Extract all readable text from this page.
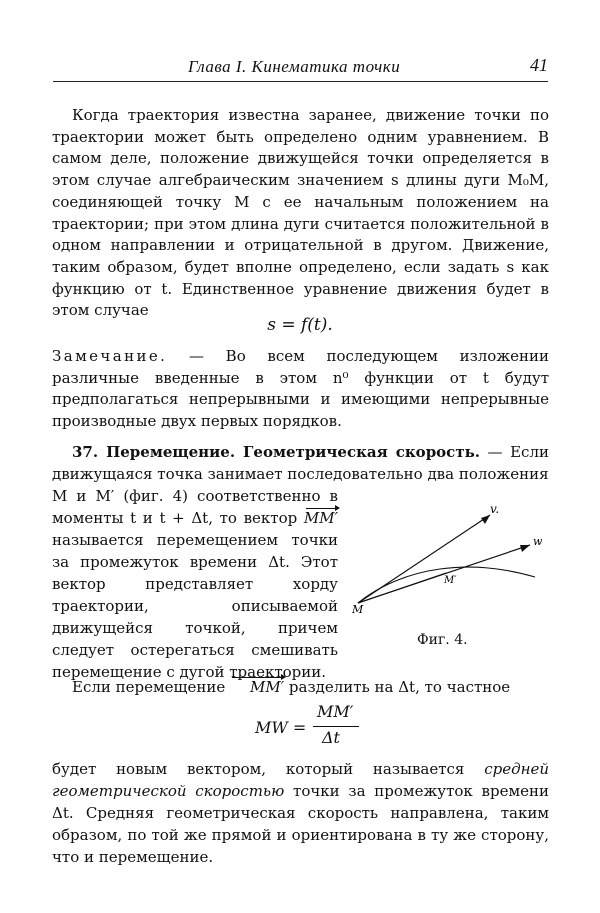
Глава I. Кинематика точки	41
Когда траектория известна заранее, движение точки по траектории может быть определено одним уравнением. В самом деле, положение движущейся точки определяется в этом случае алгебраическим значением s длины дуги M₀M, соединяющей точку M с ее начальным положением на траектории; при этом длина дуги считается положительной в одном направлении и отрицательной в другом. Движение, таким образом, будет вполне определено, если задать s как функцию от t. Единственное уравнение движения будет в этом случае
s = f(t).
Замечание. — Во всем последующем изложении различные введенные в этом n⁰ функции от t будут предполагаться непрерывными и имеющими непрерывные производные двух первых порядков.
37. Перемещение. Геометрическая скорость. — Если движущаяся точка занимает последовательно два положения
M и M′ (фиг. 4) соответственно в моменты t и t + Δt, то вектор MM′ называется перемещением точки за промежуток времени Δt. Этот вектор представляет хорду траектории, описываемой движущейся точкой, причем следует остерегаться смешивать перемещение с дугой траектории.
v.
w
M
M′
Фиг. 4.
Если перемещение MM′ разделить на Δt, то частное
MW =
MM′
Δt
будет новым вектором, который называется средней геометрической скоростью точки за промежуток времени Δt. Средняя геометрическая скорость направлена, таким образом, по той же прямой и ориентирована в ту же сторону, что и перемещение.
